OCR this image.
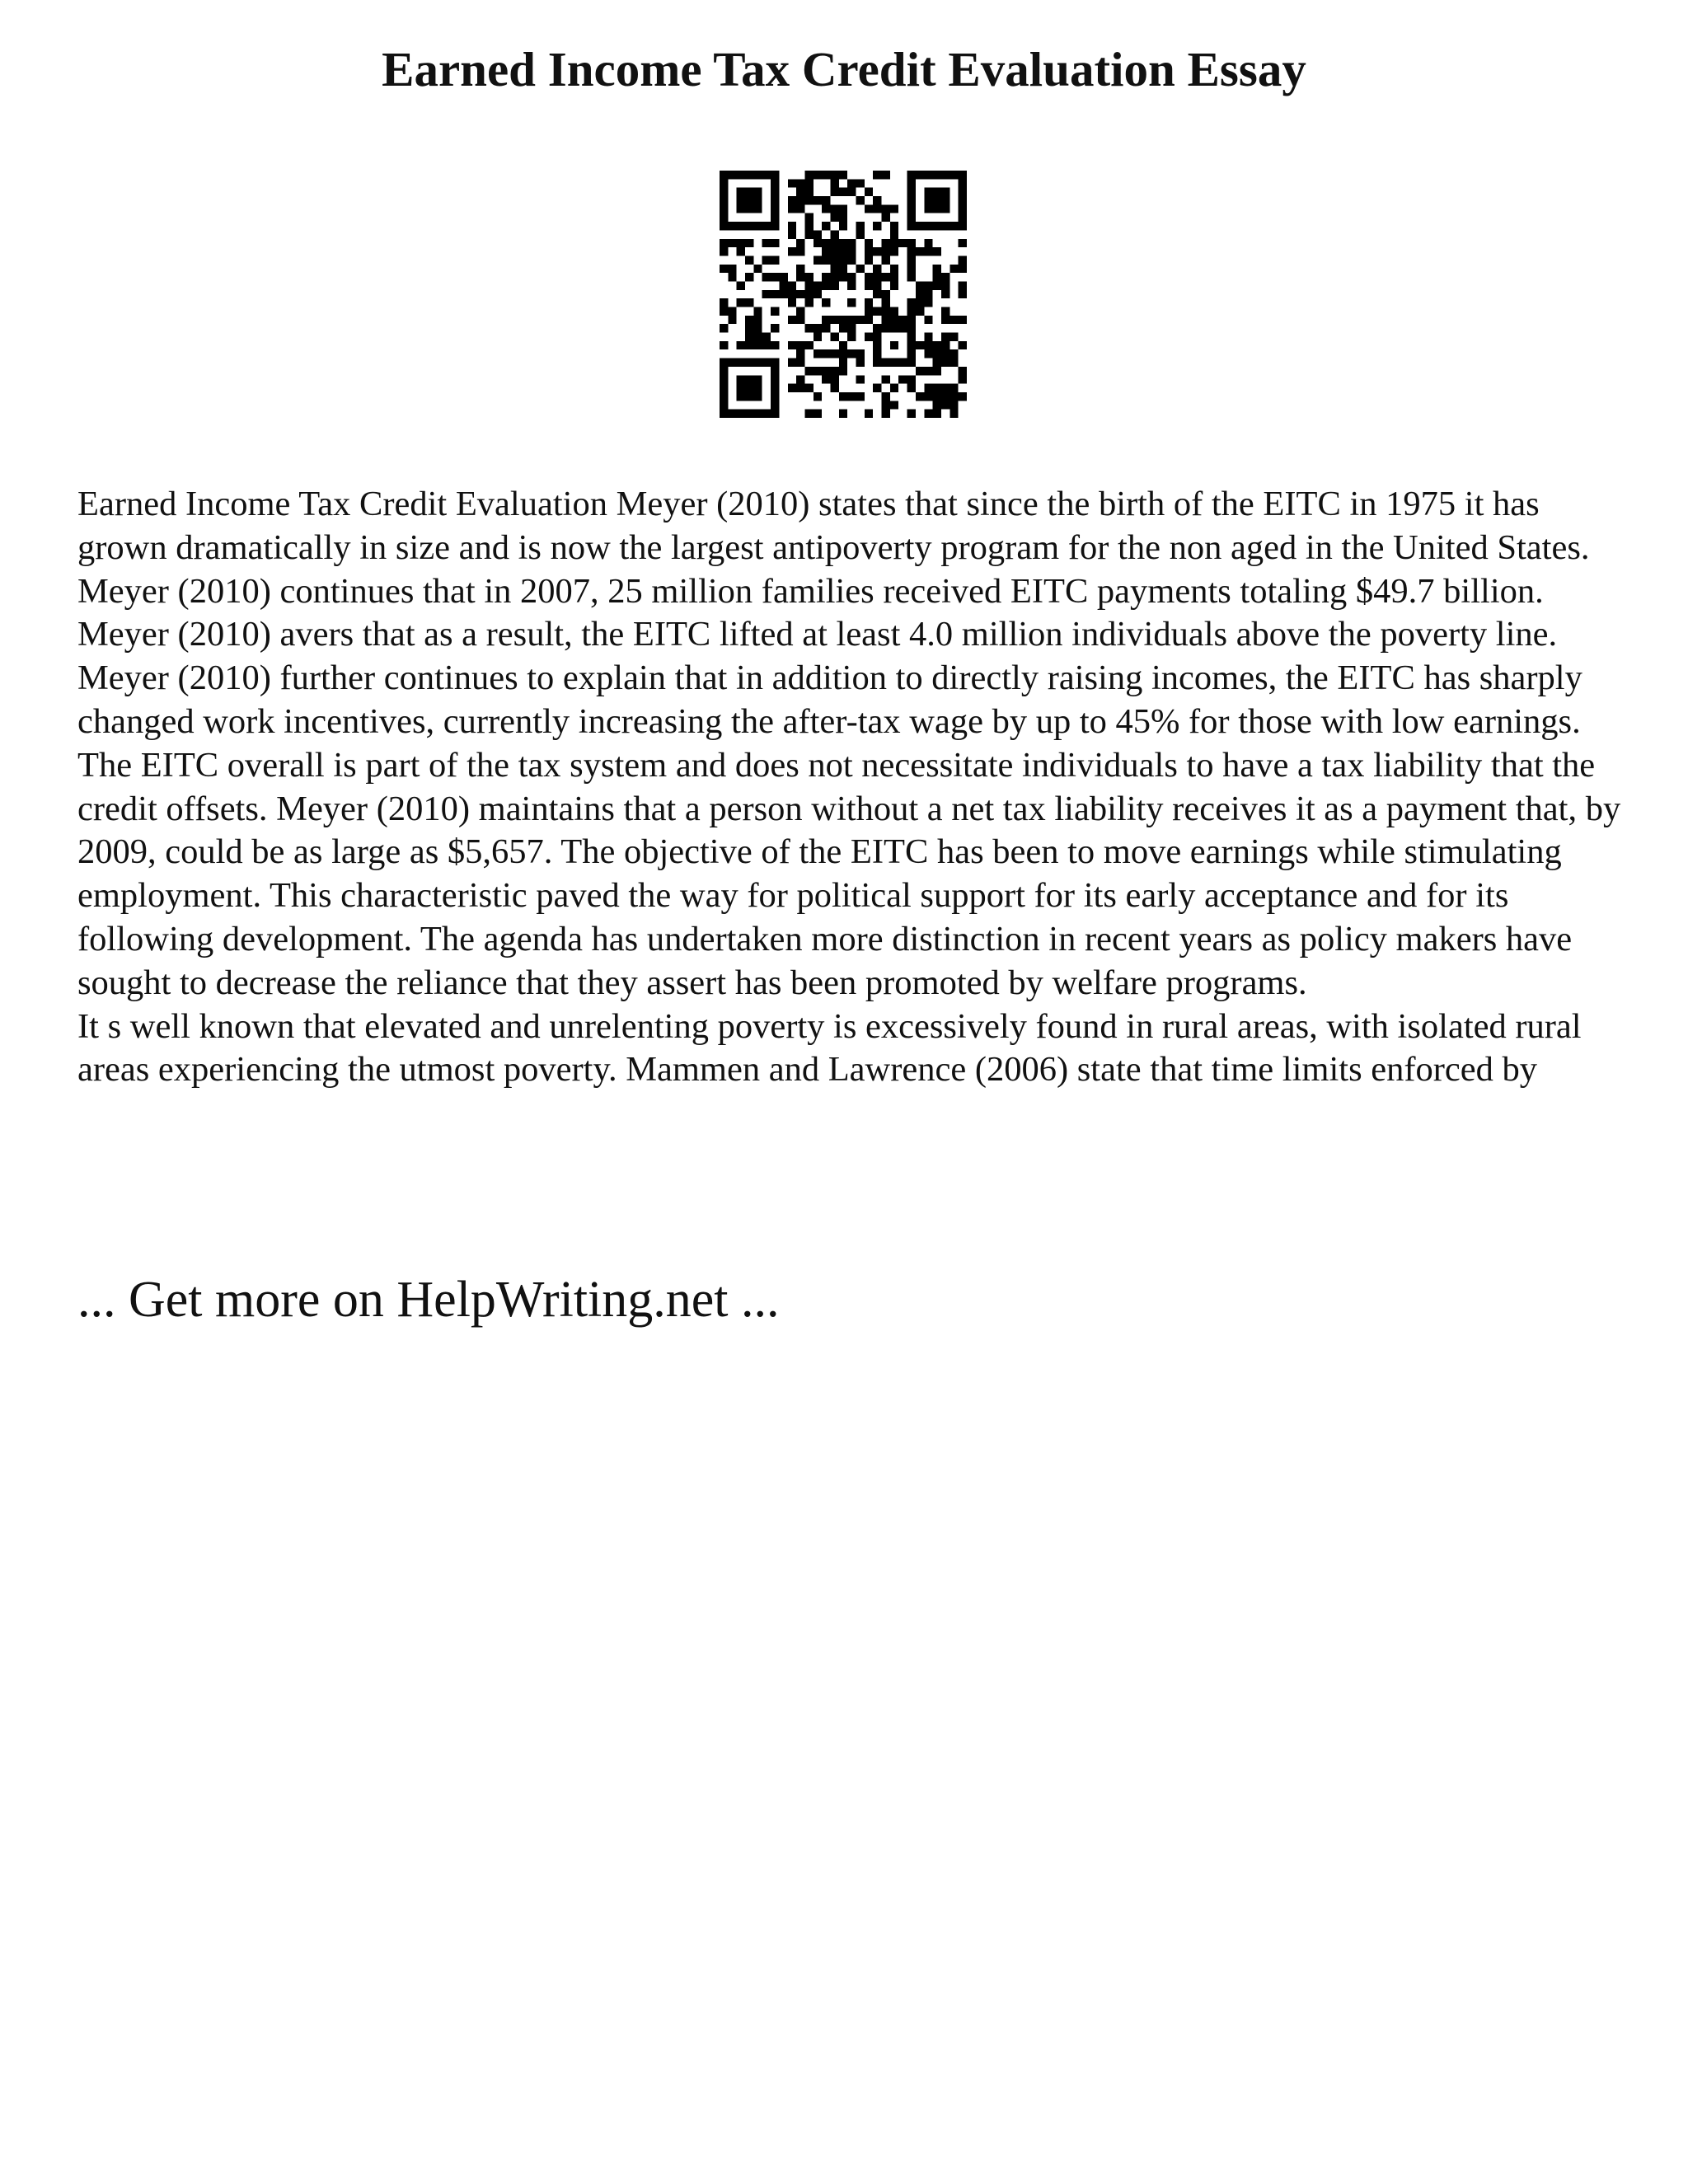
Earned Income Tax Credit Evaluation Essay

Earned Income Tax Credit Evaluation Meyer (2010) states that since the birth of the EITC in 1975 it has grown dramatically in size and is now the largest antipoverty program for the non aged in the United States. Meyer (2010) continues that in 2007, 25 million families received EITC payments totaling $49.7 billion. Meyer (2010) avers that as a result, the EITC lifted at least 4.0 million individuals above the poverty line. Meyer (2010) further continues to explain that in addition to directly raising incomes, the EITC has sharply changed work incentives, currently increasing the after-tax wage by up to 45% for those with low earnings.

The EITC overall is part of the tax system and does not necessitate individuals to have a tax liability that the credit offsets. Meyer (2010) maintains that a person without a net tax liability receives it as a payment that, by 2009, could be as large as $5,657. The objective of the EITC has been to move earnings while stimulating employment. This characteristic paved the way for political support for its early acceptance and for its following development. The agenda has undertaken more distinction in recent years as policy makers have sought to decrease the reliance that they assert has been promoted by welfare programs.

It s well known that elevated and unrelenting poverty is excessively found in rural areas, with isolated rural areas experiencing the utmost poverty. Mammen and Lawrence (2006) state that time limits enforced by

... Get more on HelpWriting.net ...
